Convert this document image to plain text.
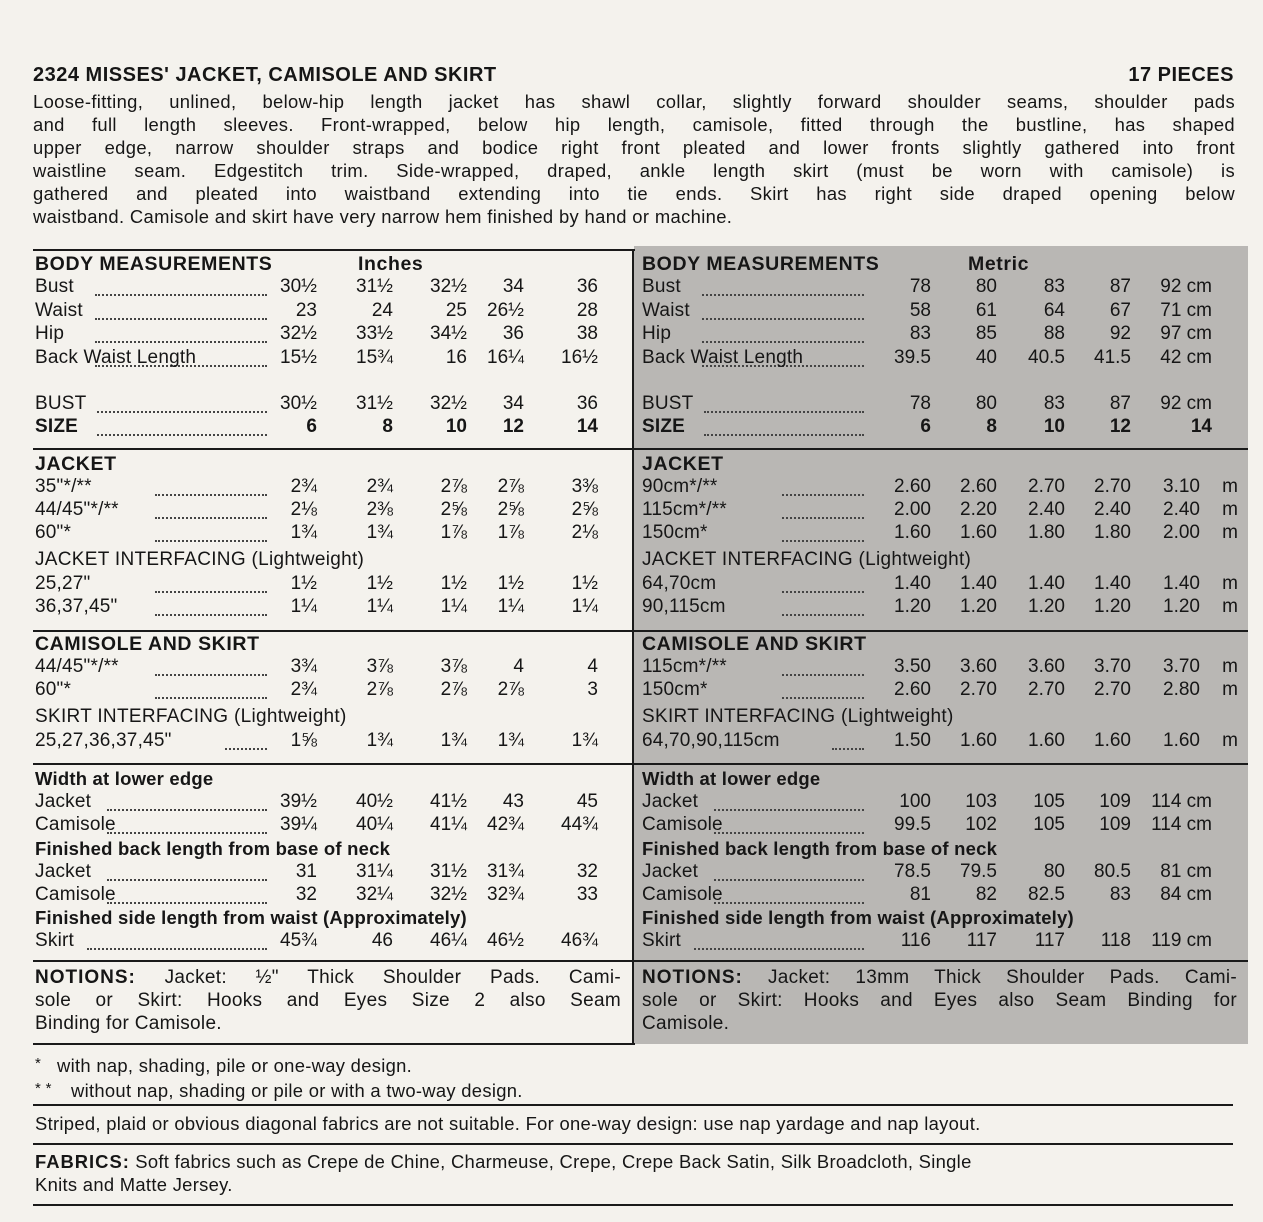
2324 MISSES' JACKET, CAMISOLE AND SKIRT	17 PIECES
Loose-fitting, unlined, below-hip length jacket has shawl collar, slightly forward shoulder seams, shoulder pads
and full length sleeves. Front-wrapped, below hip length, camisole, fitted through the bustline, has shaped
upper edge, narrow shoulder straps and bodice right front pleated and lower fronts slightly gathered into front
waistline seam. Edgestitch trim. Side-wrapped, draped, ankle length skirt (must be worn with camisole) is
gathered and pleated into waistband extending into tie ends. Skirt has right side draped opening below
waistband. Camisole and skirt have very narrow hem finished by hand or machine.
BODY MEASUREMENTS	Inches
Bust	30½ 31½ 32½ 34	36
Waist	23	24	25 26½	28
Hip	32½ 33½ 34½ 36	38
Back Waist Length	15½ 15¾	16 16¼ 16½
BUST	30½ 31½ 32½ 34	36
SIZE	6	8	10 12	14
JACKET
35"*/**	2¾	2¾	2⅞ 2⅞	3⅜
44/45"*/**	2⅛	2⅜	2⅝ 2⅝	2⅝
60"*	1¾	1¾	1⅞ 1⅞	2⅛
JACKET INTERFACING (Lightweight)
25,27"	1½	1½	1½ 1½	1½
36,37,45"	1¼	1¼	1¼ 1¼	1¼
CAMISOLE AND SKIRT
44/45"*/**	3¾	3⅞	3⅞ 4	4
60"*	2¾	2⅞	2⅞ 2⅞	3
SKIRT INTERFACING (Lightweight)
25,27,36,37,45"	1⅝	1¾	1¾ 1¾	1¾
Width at lower edge
Jacket	39½ 40½ 41½ 43	45
Camisole	39¼ 40¼ 41¼ 42¾ 44¾
Finished back length from base of neck
Jacket	31 31¼ 31½ 31¾	32
Camisole	32 32¼ 32½ 32¾	33
Finished side length from waist (Approximately)
Skirt	45¾	46 46¼ 46½ 46¾
NOTIONS: Jacket: ½" Thick Shoulder Pads. Cami-
sole or Skirt: Hooks and Eyes Size 2 also Seam
Binding for Camisole.
BODY MEASUREMENTS	Metric
Bust	78 80 83 87 92 cm
Waist	58 61 64 67 71 cm
Hip	83 85 88 92 97 cm
Back Waist Length	39.5 40 40.5 41.5 42 cm
BUST	78 80 83 87 92 cm
SIZE	6	8 10 12	14
JACKET
90cm*/**	2.60 2.60 2.70 2.70 3.10 m
115cm*/**	2.00 2.20 2.40 2.40 2.40 m
150cm*	1.60 1.60 1.80 1.80 2.00 m
JACKET INTERFACING (Lightweight)
64,70cm	1.40 1.40 1.40 1.40 1.40 m
90,115cm	1.20 1.20 1.20 1.20 1.20 m
CAMISOLE AND SKIRT
115cm*/**	3.50 3.60 3.60 3.70 3.70 m
150cm*	2.60 2.70 2.70 2.70 2.80 m
SKIRT INTERFACING (Lightweight)
64,70,90,115cm	1.50 1.60 1.60 1.60 1.60 m
Width at lower edge
Jacket	100 103 105 109 114 cm
Camisole	99.5 102 105 109 114 cm
Finished back length from base of neck
Jacket	78.5 79.5 80 80.5 81 cm
Camisole	81 82 82.5 83 84 cm
Finished side length from waist (Approximately)
Skirt	116 117 117 118 119 cm
NOTIONS: Jacket: 13mm Thick Shoulder Pads. Cami-
sole or Skirt: Hooks and Eyes also Seam Binding for
Camisole.
* with nap, shading, pile or one-way design.
* * without nap, shading or pile or with a two-way design.
Striped, plaid or obvious diagonal fabrics are not suitable. For one-way design: use nap yardage and nap layout.
FABRICS: Soft fabrics such as Crepe de Chine, Charmeuse, Crepe, Crepe Back Satin, Silk Broadcloth, Single
Knits and Matte Jersey.
